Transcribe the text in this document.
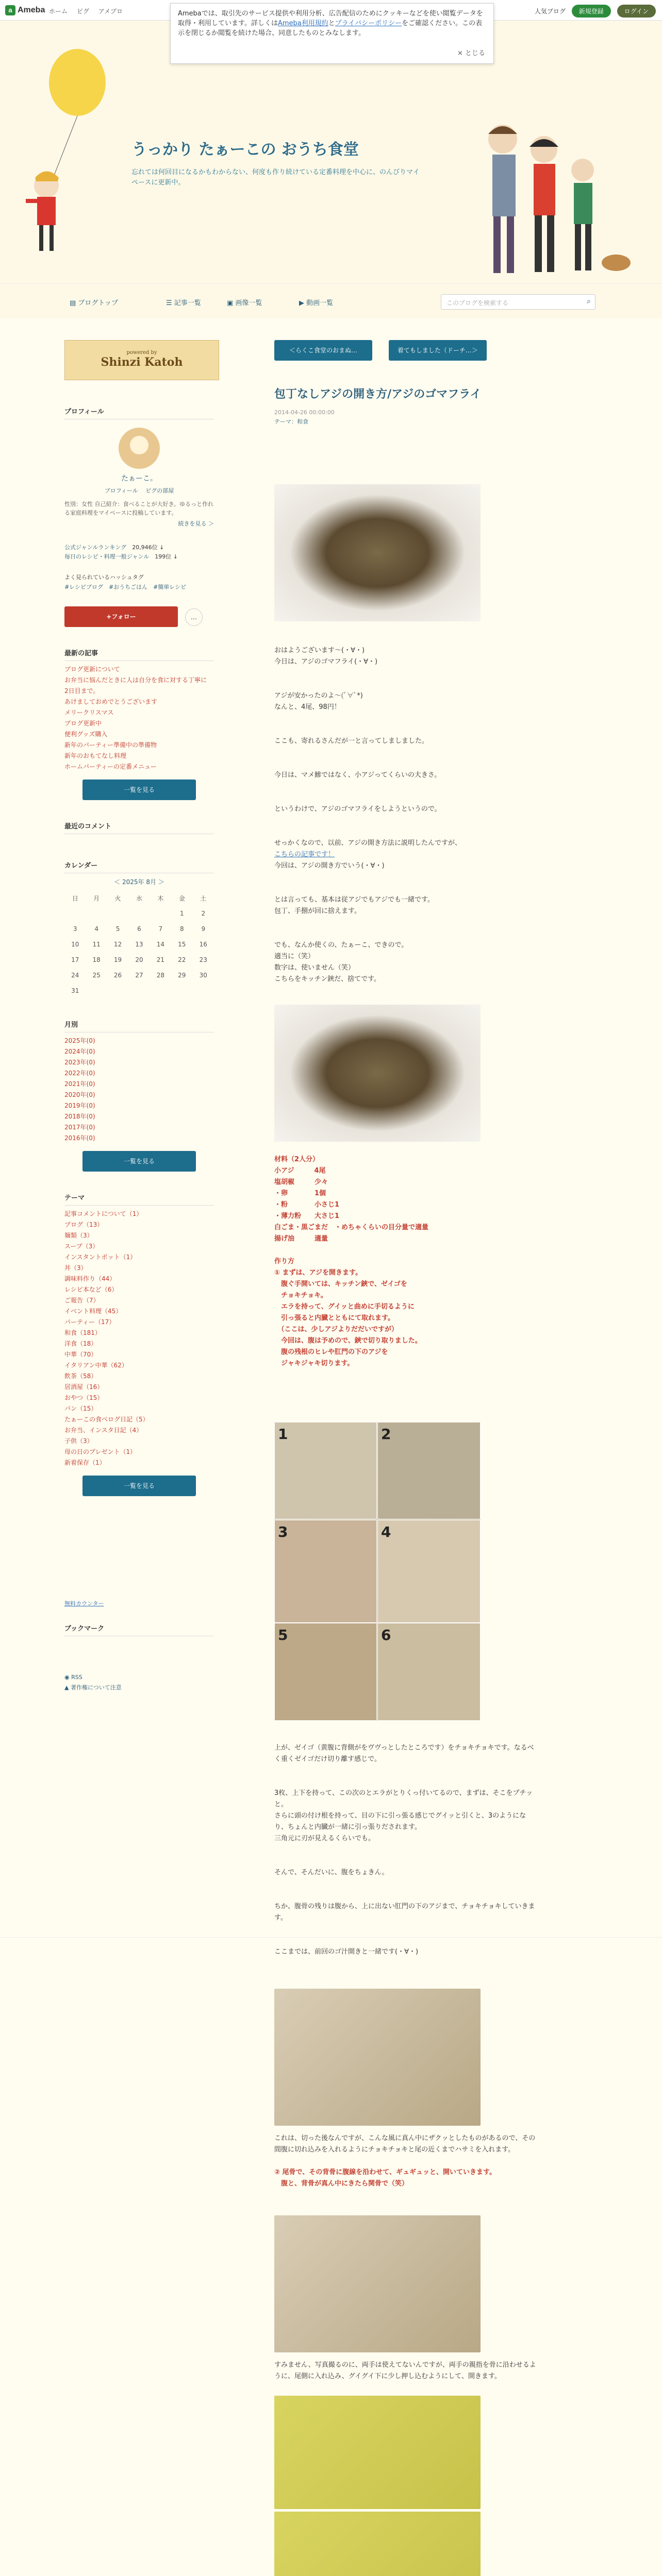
a Ameba ホーム ピグ アメブロ	人気ブログ 新規登録	ログイン
うっかり たぁーこの おうち食堂
忘れては何回目になるかもわからない、何度も作り続けている定番料理を中心に、のんびりマイペースに更新中。
Amebaでは、取引先のサービス提供や利用分析、広告配信のためにクッキーなどを使い閲覧データを取得・利用しています。詳しくはAmeba利用規約とプライバシーポリシーをご確認ください。この表示を閉じるか閲覧を続けた場合、同意したものとみなします。
× とじる
▤ ブログトップ	☰ 記事一覧	▣ 画像一覧	▶ 動画一覧	このブログを検索する	⌕
powered by
Shinzi Katoh
プロフィール
たぁーこ。
プロフィール　 ピグの部屋
性別：女性 自己紹介：食べることが大好き。ゆるっと作れる家庭料理をマイペースに投稿しています。
続きを見る ＞
公式ジャンルランキング　 20,946位 ↓
毎日のレシピ・料理一般ジャンル　 199位 ↓
よく見られているハッシュタグ
#レシピブログ　#おうちごはん　#簡単レシピ
+フォロー	…
最新の記事
ブログ更新について
お弁当に悩んだときに人は自分を食に対する丁寧に
2日目まで。
あけましておめでとうございます
メリークリスマス
ブログ更新中
便利グッズ購入
新年のパーティー準備中の準備物
新年のおもてなし料理
ホームパーティーの定番メニュー
一覧を見る
最近のコメント
カレンダー
＜ 2025年 8月 ＞
日	月	火	水	木	金	土
					1	2
3	4	5	6	7	8	9
10	11	12	13	14	15	16
17	18	19	20	21	22	23
24	25	26	27	28	29	30
31						
月別
2025年(0)
2024年(0)
2023年(0)
2022年(0)
2021年(0)
2020年(0)
2019年(0)
2018年(0)
2017年(0)
2016年(0)
一覧を見る
テーマ
記事コメントについて（1）
ブログ（13）
麺類（3）
スープ（3）
インスタントポット（1）
丼（3）
調味料作り（44）
レシピ本など（6）
ご報告（7）
イベント料理（45）
パーティー（17）
和食（181）
洋食（18）
中華（70）
イタリアン中華（62）
飲茶（58）
居酒屋（16）
おやつ（15）
パン（15）
たぁーこの食べログ日記（5）
お弁当、インスタ日記（4）
子供（3）
母の日のプレゼント（1）
新着保存（1）
一覧を見る
無料カウンター
ブックマーク
◉ RSS
▲ 著作権について注意
＜らくこ食堂のおまぬ…	着てもしました（ドーチ…＞
包丁なしアジの開き方/アジのゴマフライ
2014-04-26 00:00:00
テーマ：和食

おはようございます〜(・∀・)
今日は、アジのゴマフライ(・∀・)

アジが安かったのよ〜(ﾟ∀ﾟ*)
なんと、4尾、98円！

ここも、寄れるさんだが一と言ってしましました。

今日は、マメ鰺ではなく、小アジってくらいの大きさ。

というわけで、アジのゴマフライをしようという​ので。

せっかくなので、以前、アジの開き方法に説明したんですが、
こちらの記事です！
今回は、アジの開き方でいう(・∀・)

とは言っても、基本は従アジでもアジでも一緒です。
包丁、手捌が回に捨えます。

でも、なんか使くの、たぁーこ、できので。
適当に（笑）
数字は、使いません（笑）
こちらをキッチン鋏だ、捨てです。

材料（2人分）

小アジ　　　4尾

塩胡椒　　　少々

・卵　　　　1個

・粉　　　　小さじ1

・薄力粉　　大さじ1

白ごま・黒ごまだ　・めちゃくらいの目分量で適量

揚げ油　　　適量

作り方

① まずは、アジを開きます。
　腹ぐ手開いては、キッチン鋏で、ゼイゴを
　チョキチョキ。
　エラを持って、グイッと曲めに手切るように
　引っ張ると内臓とともにて取れます。
　（ここは、少しアジよりだだいですが）
　今回は、腹は予めので、鋏で切り取りました。
　腹の残根のヒレや肛門の下のアジを
　ジャキジャキ切ります。

1	2
3	4
5	6

上が、ゼイゴ（黄腹に背側がをヴヴっとしたところです）をチョキチョキです。なるべく重くゼイゴだけ切り離す感じで。

3枚、上下を持って、この次のとエラがとりくっ付いてるので、まずは、そこをプチッと。
さらに頭の付け根を持って、目の下に引っ張る感じでグイッと引くと、3のようになり、ちょんと内臓が一緒に引っ張りだされます。
三角元に刃が見えるくらいでも。

そんで、そんだいに、腹をちょきん。

ちか、腹骨の残りは腹から、上に出ない肛門の下のアジまで、チョキチョキしていきます。

ここまでは、前回のゴ汁開きと一緒です(・∀・)

これは、切った後なんですが、こんな風に真ん中にザクッとしたものがあるので、その間腹に切れ込みを入れるようにチョキチョキと尾の近くまでハサミを入れます。

② 尾骨で、その背骨に腹線を沿わせて、ギュギュッと、開いていきます。
　腹と、背骨が真ん中にきたら関骨で（笑）

すみません、写真撮るのに、両手は使えてないんですが、両手の親指を骨に沿わせるように、尾側に入れ込み、グイグイ下に少し押し込むようにして、開きます。
